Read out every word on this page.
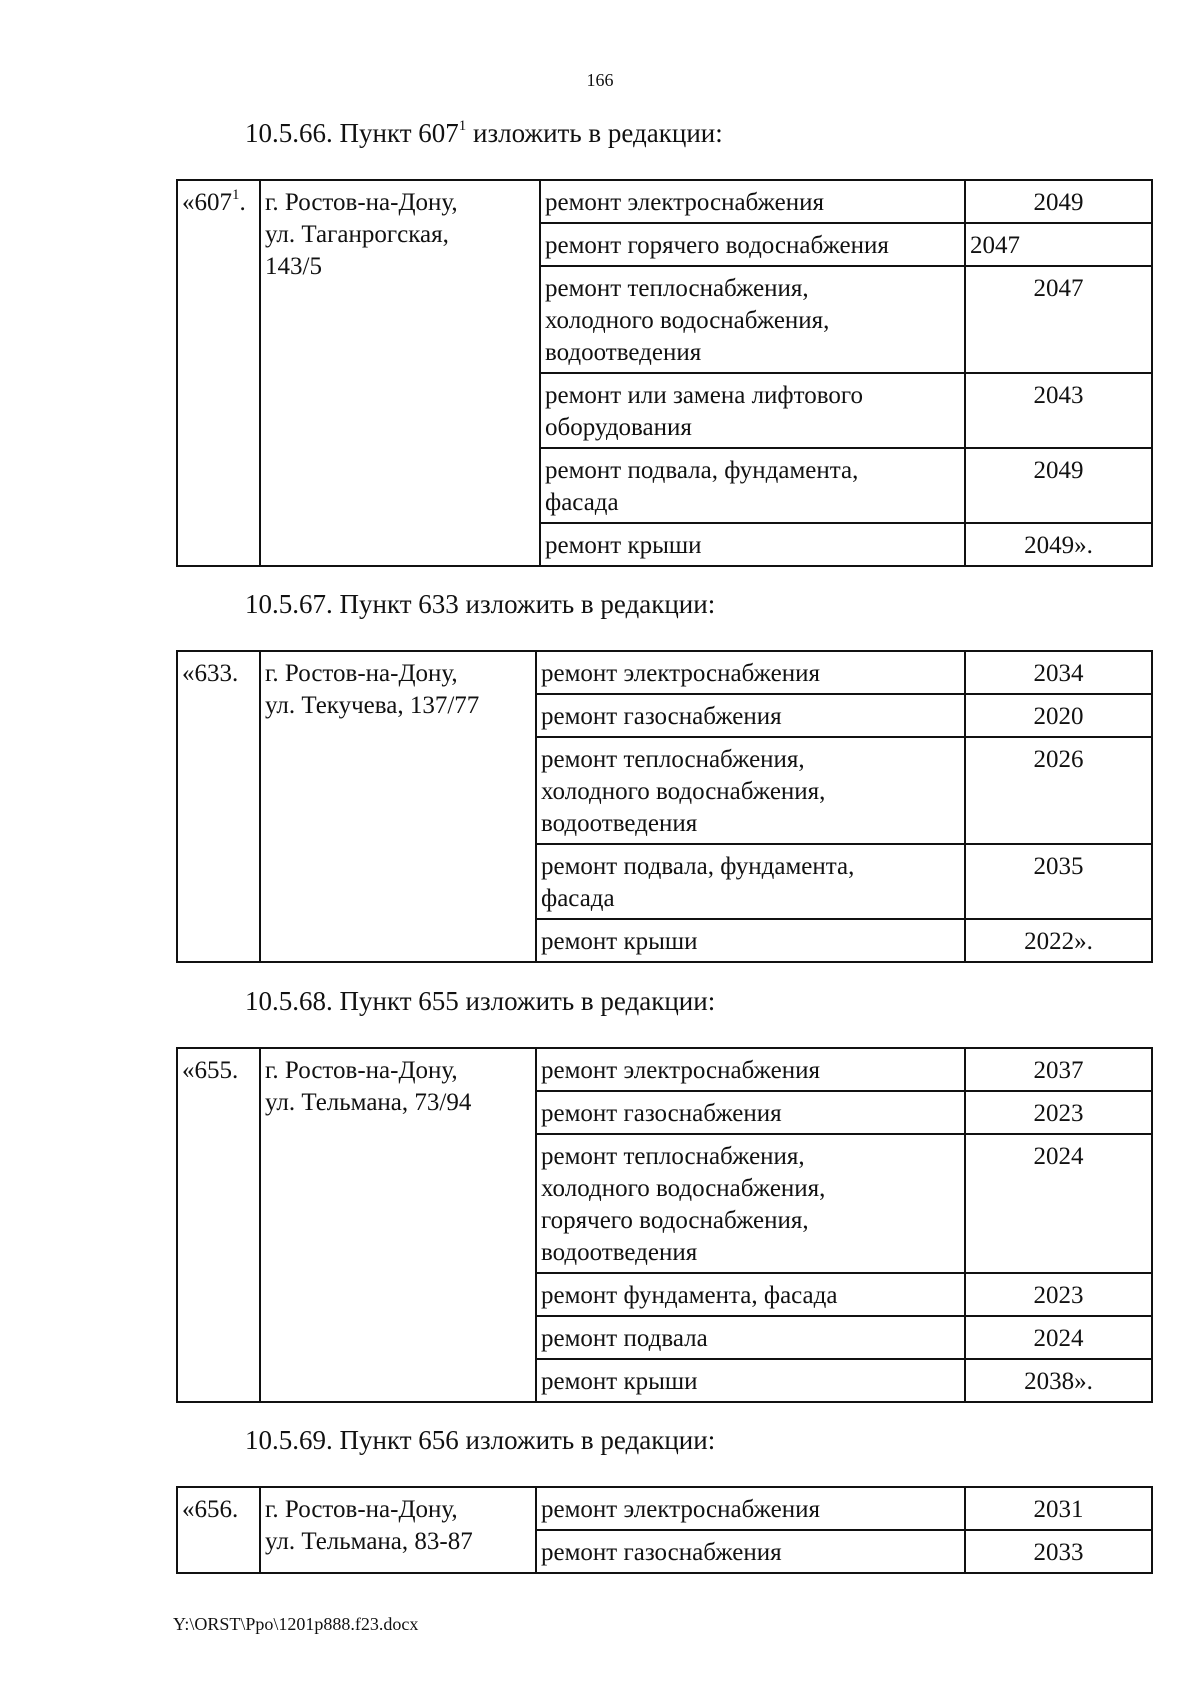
166
10.5.66. Пункт $607^1$ изложить в редакции:
«$607^1$.	г. Ростов-на-Дону,
ул. Таганрогская,
143/5	ремонт электроснабжения	2049
		ремонт горячего водоснабжения	2047
		ремонт теплоснабжения,
холодного водоснабжения,
водоотведения	2047
		ремонт или замена лифтового
оборудования	2043
		ремонт подвала, фундамента,
фасада	2049
		ремонт крыши	2049».
10.5.67. Пункт 633 изложить в редакции:
«633.	г. Ростов-на-Дону,
ул. Текучева, 137/77	ремонт электроснабжения	2034
		ремонт газоснабжения	2020
		ремонт теплоснабжения,
холодного водоснабжения,
водоотведения	2026
		ремонт подвала, фундамента,
фасада	2035
		ремонт крыши	2022».
10.5.68. Пункт 655 изложить в редакции:
«655.	г. Ростов-на-Дону,
ул. Тельмана, 73/94	ремонт электроснабжения	2037
		ремонт газоснабжения	2023
		ремонт теплоснабжения,
холодного водоснабжения,
горячего водоснабжения,
водоотведения	2024
		ремонт фундамента, фасада	2023
		ремонт подвала	2024
		ремонт крыши	2038».
10.5.69. Пункт 656 изложить в редакции:
«656.	г. Ростов-на-Дону,
ул. Тельмана, 83-87	ремонт электроснабжения	2031
		ремонт газоснабжения	2033
Y:\ORST\Ppo\1201p888.f23.docx
